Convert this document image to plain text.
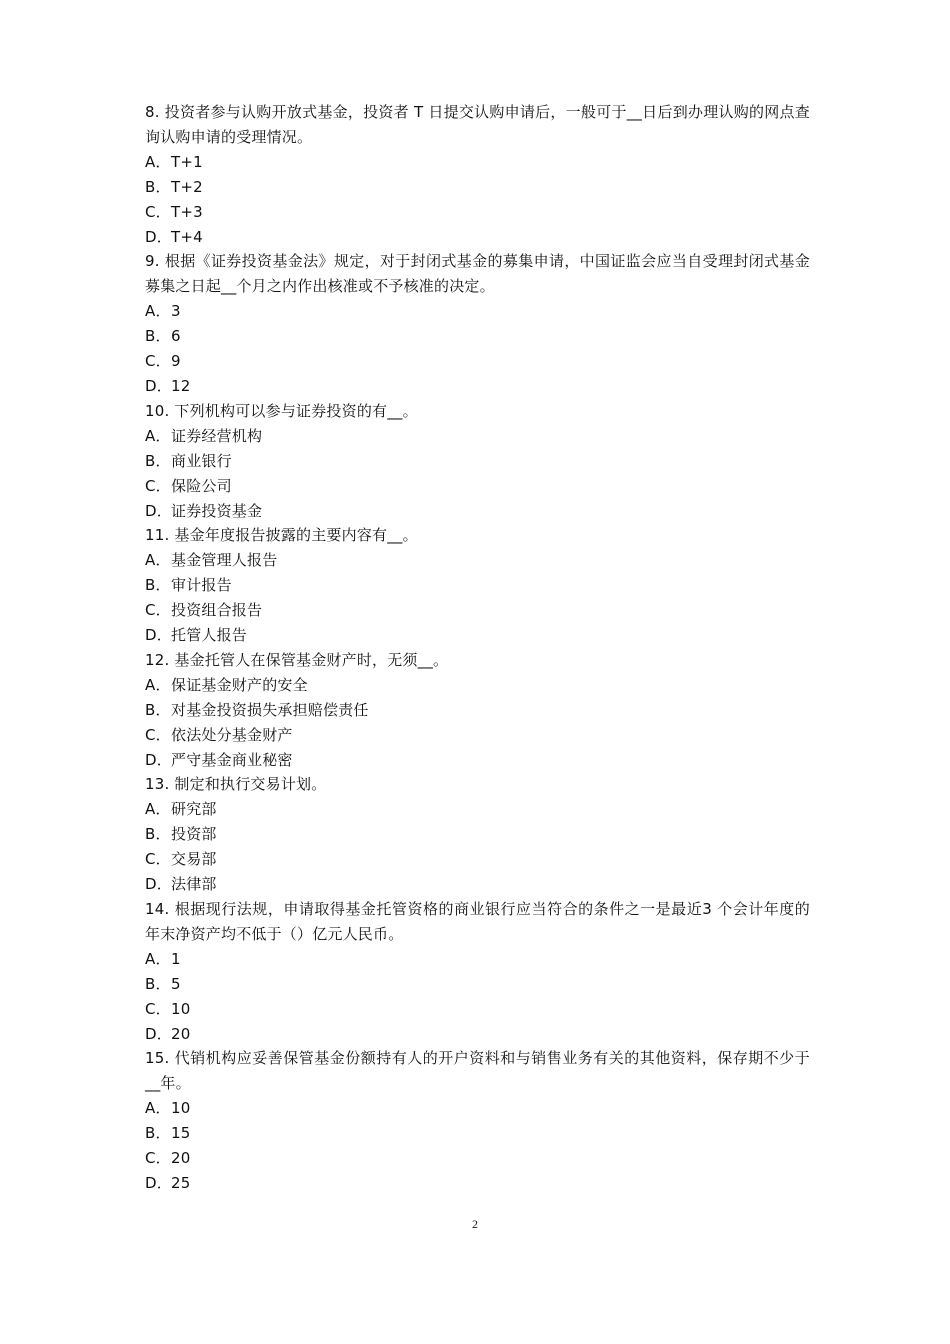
8. 投资者参与认购开放式基金，投资者 T 日提交认购申请后，一般可于__日后到办理认购的网点查询认购申请的受理情况。
A．T+1
B．T+2
C．T+3
D．T+4
9. 根据《证券投资基金法》规定，对于封闭式基金的募集申请，中国证监会应当自受理封闭式基金募集之日起__个月之内作出核准或不予核准的决定。
A．3
B．6
C．9
D．12
10. 下列机构可以参与证券投资的有__。
A．证券经营机构
B．商业银行
C．保险公司
D．证券投资基金
11. 基金年度报告披露的主要内容有__。
A．基金管理人报告
B．审计报告
C．投资组合报告
D．托管人报告
12. 基金托管人在保管基金财产时，无须__。
A．保证基金财产的安全
B．对基金投资损失承担赔偿责任
C．依法处分基金财产
D．严守基金商业秘密
13. 制定和执行交易计划。
A．研究部
B．投资部
C．交易部
D．法律部
14. 根据现行法规，申请取得基金托管资格的商业银行应当符合的条件之一是最近3 个会计年度的年末净资产均不低于（）亿元人民币。
A．1
B．5
C．10
D．20
15. 代销机构应妥善保管基金份额持有人的开户资料和与销售业务有关的其他资料，保存期不少于__年。
A．10
B．15
C．20
D．25
2
